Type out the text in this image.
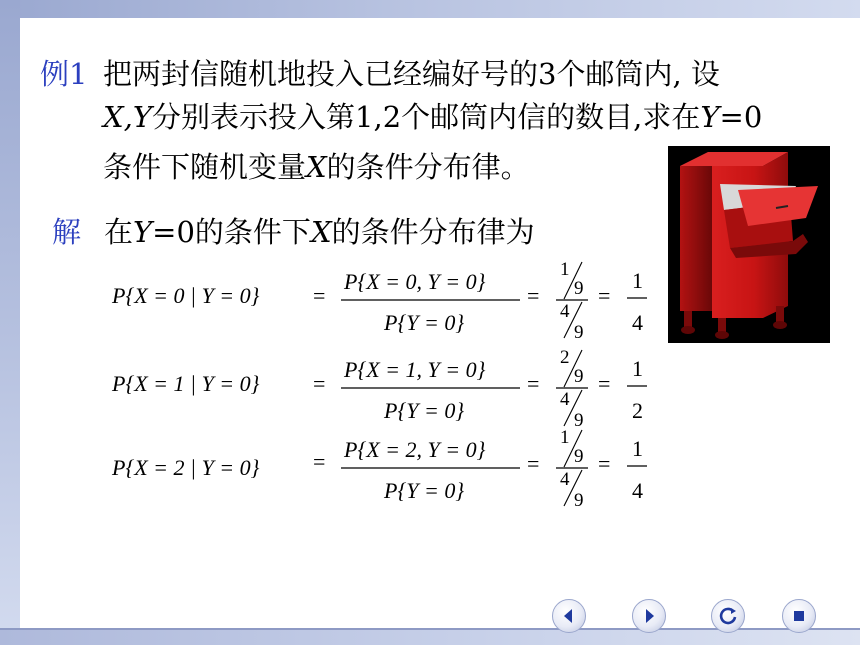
例1 把两封信随机地投入已经编好号的3个邮筒内, 设
X,Y分别表示投入第1,2个邮筒内信的数目,求在Y=0
条件下随机变量X的条件分布律。
解 在Y=0的条件下X的条件分布律为
P{X = 0 | Y = 0} =
P{X = 0, Y = 0}
P{Y = 0}
=
1
9
4
9
=
1
4
P{X = 1 | Y = 0} =
P{X = 1, Y = 0}
P{Y = 0}
=
2
9
4
9
=
1
2
P{X = 2 | Y = 0} = P{X = 2, Y = 0}
P{Y = 0}
=
1
9
4
9
=
1
4
